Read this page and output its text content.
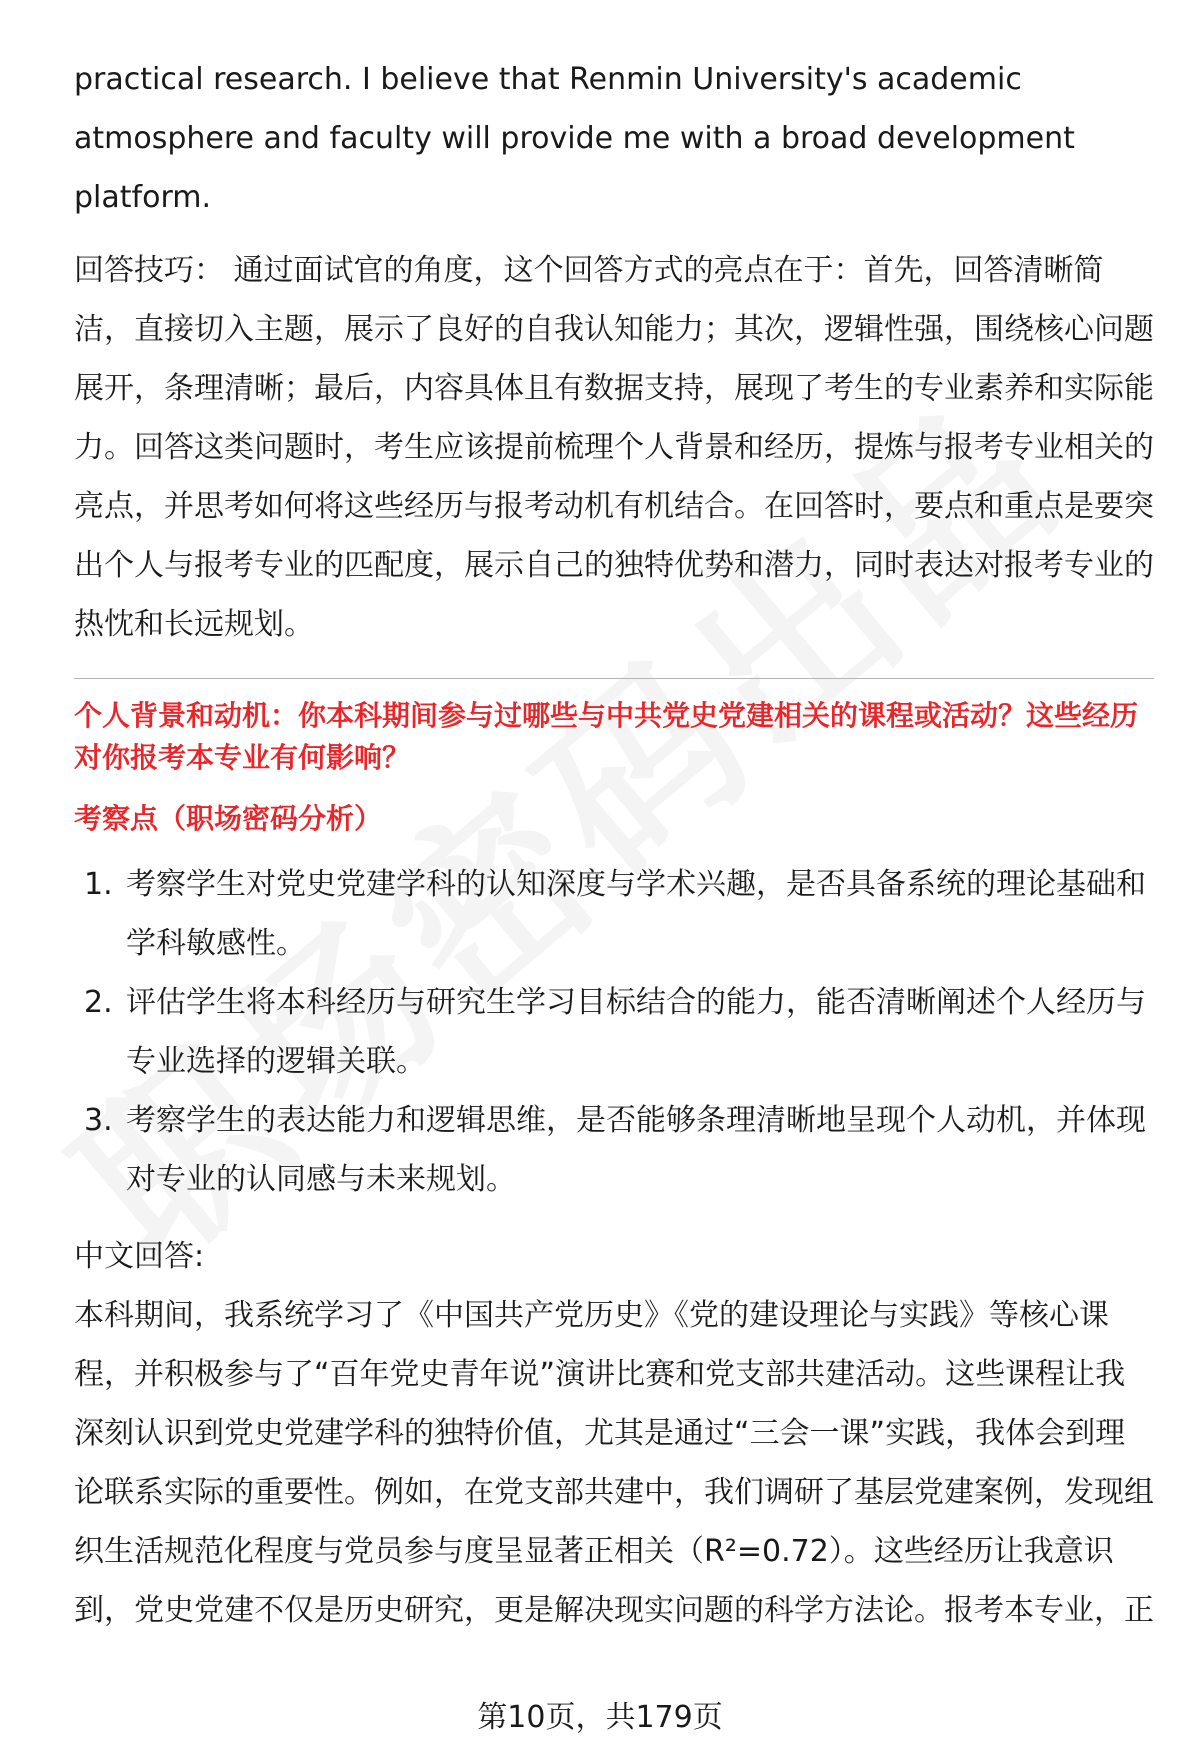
practical research. I believe that Renmin University's academic atmosphere and faculty will provide me with a broad development platform.

回答技巧： 通过面试官的角度，这个回答方式的亮点在于：首先，回答清晰简洁，直接切入主题，展示了良好的自我认知能力；其次，逻辑性强，围绕核心问题展开，条理清晰；最后，内容具体且有数据支持，展现了考生的专业素养和实际能力。回答这类问题时，考生应该提前梳理个人背景和经历，提炼与报考专业相关的亮点，并思考如何将这些经历与报考动机有机结合。在回答时，要点和重点是要突出个人与报考专业的匹配度，展示自己的独特优势和潜力，同时表达对报考专业的热忱和长远规划。

个人背景和动机：你本科期间参与过哪些与中共党史党建相关的课程或活动？这些经历对你报考本专业有何影响？

考察点（职场密码分析）

1. 考察学生对党史党建学科的认知深度与学术兴趣，是否具备系统的理论基础和学科敏感性。
2. 评估学生将本科经历与研究生学习目标结合的能力，能否清晰阐述个人经历与专业选择的逻辑关联。
3. 考察学生的表达能力和逻辑思维，是否能够条理清晰地呈现个人动机，并体现对专业的认同感与未来规划。

中文回答:

本科期间，我系统学习了《中国共产党历史》《党的建设理论与实践》等核心课程，并积极参与了“百年党史青年说”演讲比赛和党支部共建活动。这些课程让我深刻认识到党史党建学科的独特价值，尤其是通过“三会一课”实践，我体会到理论联系实际的重要性。例如，在党支部共建中，我们调研了基层党建案例，发现组织生活规范化程度与党员参与度呈显著正相关（R²=0.72）。这些经历让我意识到，党史党建不仅是历史研究，更是解决现实问题的科学方法论。报考本专业，正

第10页，共179页
